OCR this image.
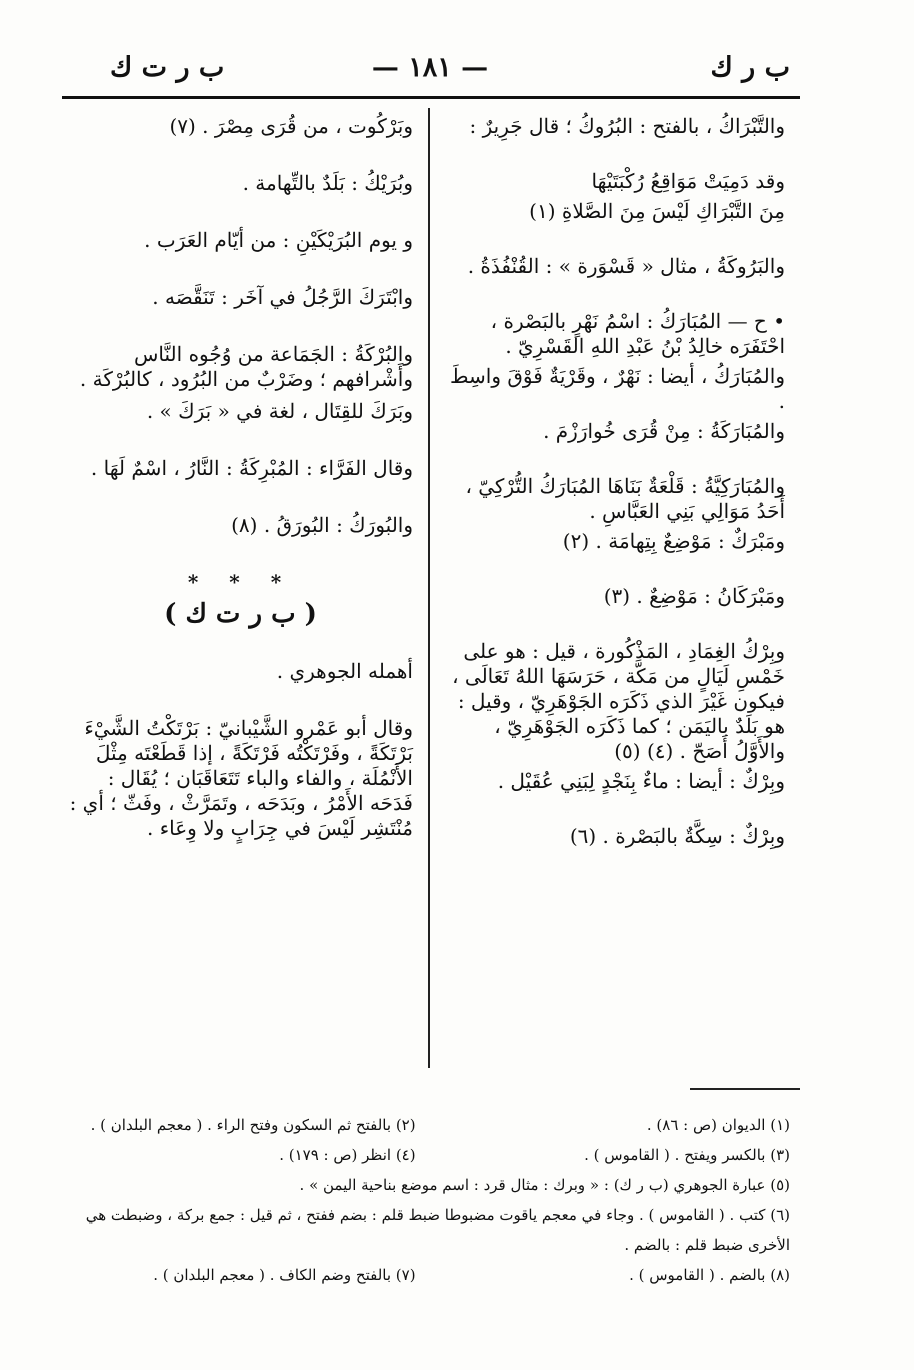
ب ر ك
— ١٨١ —
ب ر ت ك

والتَّبْرَاكُ ، بالفتح : البُرُوكُ ؛ قال جَرِيرٌ :

وقد دَمِيَتْ مَوَاقِعُ رُكْبَتَيْهَا

مِنَ التَّبْرَاكِ لَيْسَ مِنَ الصَّلاةِ (١)

والبَرُوكَةُ ، مثال « قَسْوَرة » : القُنْفُذَةُ .

• ح — المُبَارَكُ : اسْمُ نَهْرٍ بالبَصْرة ، احْتَفَرَه خالِدُ بْنُ عَبْدِ اللهِ القَسْرِيّ .

والمُبَارَكُ ، أيضا : نَهْرٌ ، وقَرْيَةٌ فَوْقَ واسِطَ .

والمُبَارَكَةُ : مِنْ قُرَى خُوارَزْمَ .

والمُبَارَكِيَّةُ : قَلْعَةٌ بَنَاهَا المُبَارَكُ التُّرْكِيّ ، أَحَدُ مَوَالِي بَنِي العَبَّاسِ .

ومَبْرَكٌ : مَوْضِعٌ بِتِهامَة . (٢)

ومَبْرَكَانُ : مَوْضِعٌ . (٣)

وبِرْكُ الغِمَادِ ، المَذْكُورة ، قيل : هو على خَمْسِ لَيَالٍ من مَكَّة ، حَرَسَهَا اللهُ تَعَالَى ، فيكون غَيْرَ الذي ذَكَرَه الجَوْهَرِيّ ، وقيل : هو بَلَدٌ باليَمَن ؛ كما ذَكَرَه الجَوْهَرِيّ ، والأَوَّلُ أَصَحّ . (٤) (٥)

وبِرْكٌ : أيضا : ماءٌ بِنَجْدٍ لِبَنِي عُقَيْل .

وبِرْكٌ : سِكَّةٌ بالبَصْرة . (٦)

وبَرْكُوت ، من قُرَى مِصْرَ . (٧)

وبُرَيْكُ : بَلَدٌ بالتِّهامة .

و يوم البُرَيْكَيْنِ : من أيّام العَرَب .

وابْتَرَكَ الرَّجُلُ في آخَر : تَنَقَّصَه .

والبُرْكَةُ : الجَمَاعة من وُجُوه النَّاس وأَشْرافهم ؛ وضَرْبٌ من البُرُود ، كالبُرْكَة .

وبَرَكَ للقِتَال ، لغة في « بَرَكَ » .

وقال الفَرَّاء : المُبْرِكَةُ : النَّارُ ، اسْمٌ لَهَا .

والبُورَكُ : البُورَقُ . (٨)

* * *

( ب ر ت ك )

أهمله الجوهري .

وقال أبو عَمْرو الشَّيْبانيّ : بَرْتَكْتُ الشَّيْءَ بَرْتَكَةً ، وفَرْتَكْتُه فَرْتَكَةً ، إذا قَطَعْتَه مِثْلَ الأَنْمُلَة ، والفاء والباء تَتَعَاقَبَان ؛ يُقَال : فَدَحَه الأَمْرُ ، وبَدَحَه ، وتَمَرَّثْ ، وفَثّ ؛ أي : مُنْتَشِر لَيْسَ في جِرَابٍ ولا وِعَاء .

(١) الديوان (ص : ٨٦) .
(٢) بالفتح ثم السكون وفتح الراء . ( معجم البلدان ) .
(٣) بالكسر ويفتح . ( القاموس ) .
(٤) انظر (ص : ١٧٩) .
(٥) عبارة الجوهري (ب ر ك) : « وبرك : مثال قرد : اسم موضع بناحية اليمن » .
(٦) كتب . ( القاموس ) . وجاء في معجم ياقوت مضبوطا ضبط قلم : بضم ففتح ، ثم قيل : جمع بركة ، وضبطت هي الأخرى ضبط قلم : بالضم .
(٨) بالضم . ( القاموس ) .
(٧) بالفتح وضم الكاف . ( معجم البلدان ) .
